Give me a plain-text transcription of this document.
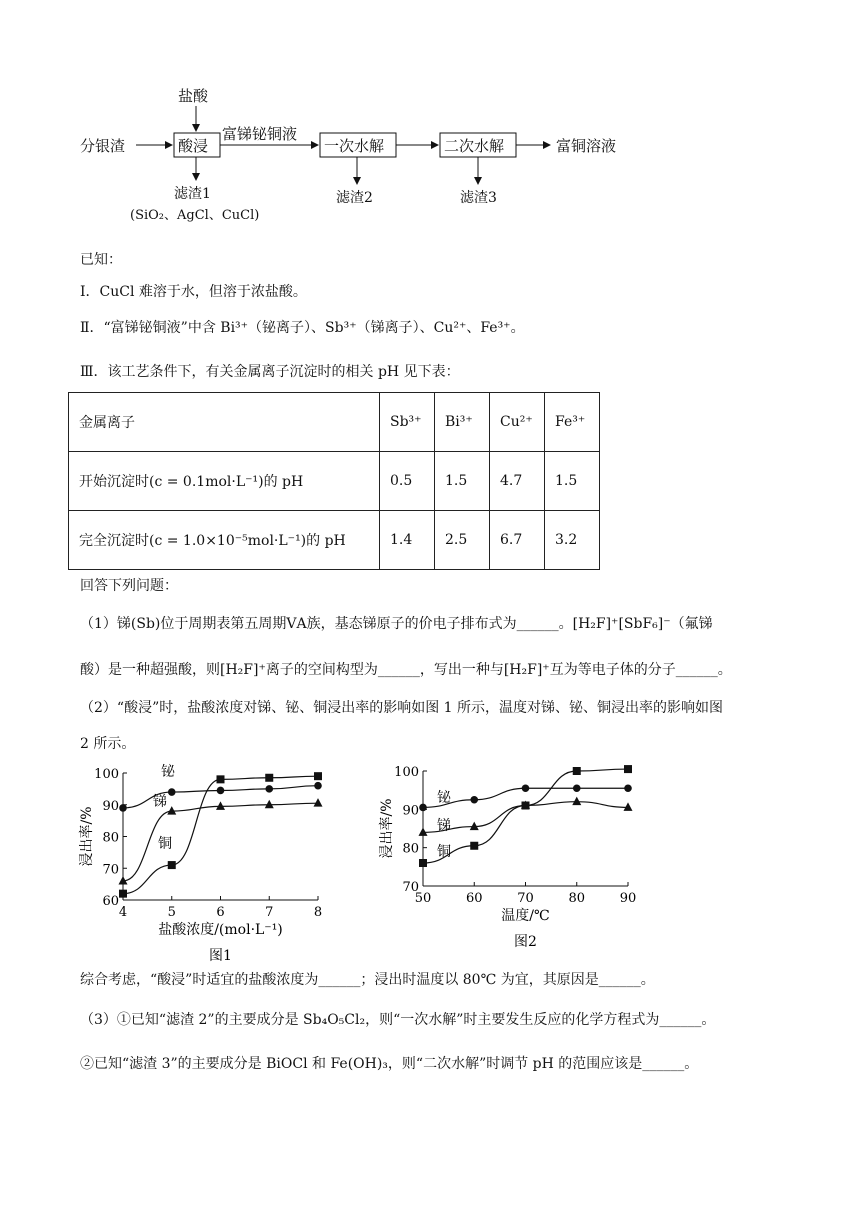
盐酸
分银渣	酸浸
富锑铋铜液
一次水解	二次水解	富铜溶液
滤渣1
(SiO₂、AgCl、CuCl)
滤渣2	滤渣3
已知：
Ⅰ．CuCl 难溶于水，但溶于浓盐酸。
Ⅱ．“富锑铋铜液”中含 Bi³⁺（铋离子）、Sb³⁺（锑离子）、Cu²⁺、Fe³⁺。
Ⅲ．该工艺条件下，有关金属离子沉淀时的相关 pH 见下表：
金属离子	Sb³⁺	Bi³⁺	Cu²⁺	Fe³⁺
开始沉淀时(c = 0.1mol·L⁻¹)的 pH	0.5	1.5	4.7	1.5
完全沉淀时(c = 1.0×10⁻⁵mol·L⁻¹)的 pH	1.4	2.5	6.7	3.2
回答下列问题：
（1）锑(Sb)位于周期表第五周期ⅤA族，基态锑原子的价电子排布式为______。[H₂F]⁺[SbF₆]⁻（氟锑
酸）是一种超强酸，则[H₂F]⁺离子的空间构型为______，写出一种与[H₂F]⁺互为等电子体的分子______。
（2）“酸浸”时，盐酸浓度对锑、铋、铜浸出率的影响如图 1 所示，温度对锑、铋、铜浸出率的影响如图
2 所示。
4	5	6	7	8
60
70
80
90
100
盐酸浓度/(mol·L⁻¹)
浸出率/%
图1
铋
锑
铜
50	60	70	80	90
70
80
90
100
温度/℃
浸出率/%
图2
铋
锑
铜
综合考虑，“酸浸”时适宜的盐酸浓度为______；浸出时温度以 80℃ 为宜，其原因是______。
（3）①已知“滤渣 2”的主要成分是 Sb₄O₅Cl₂，则“一次水解”时主要发生反应的化学方程式为______。
②已知“滤渣 3”的主要成分是 BiOCl 和 Fe(OH)₃，则“二次水解”时调节 pH 的范围应该是______。
